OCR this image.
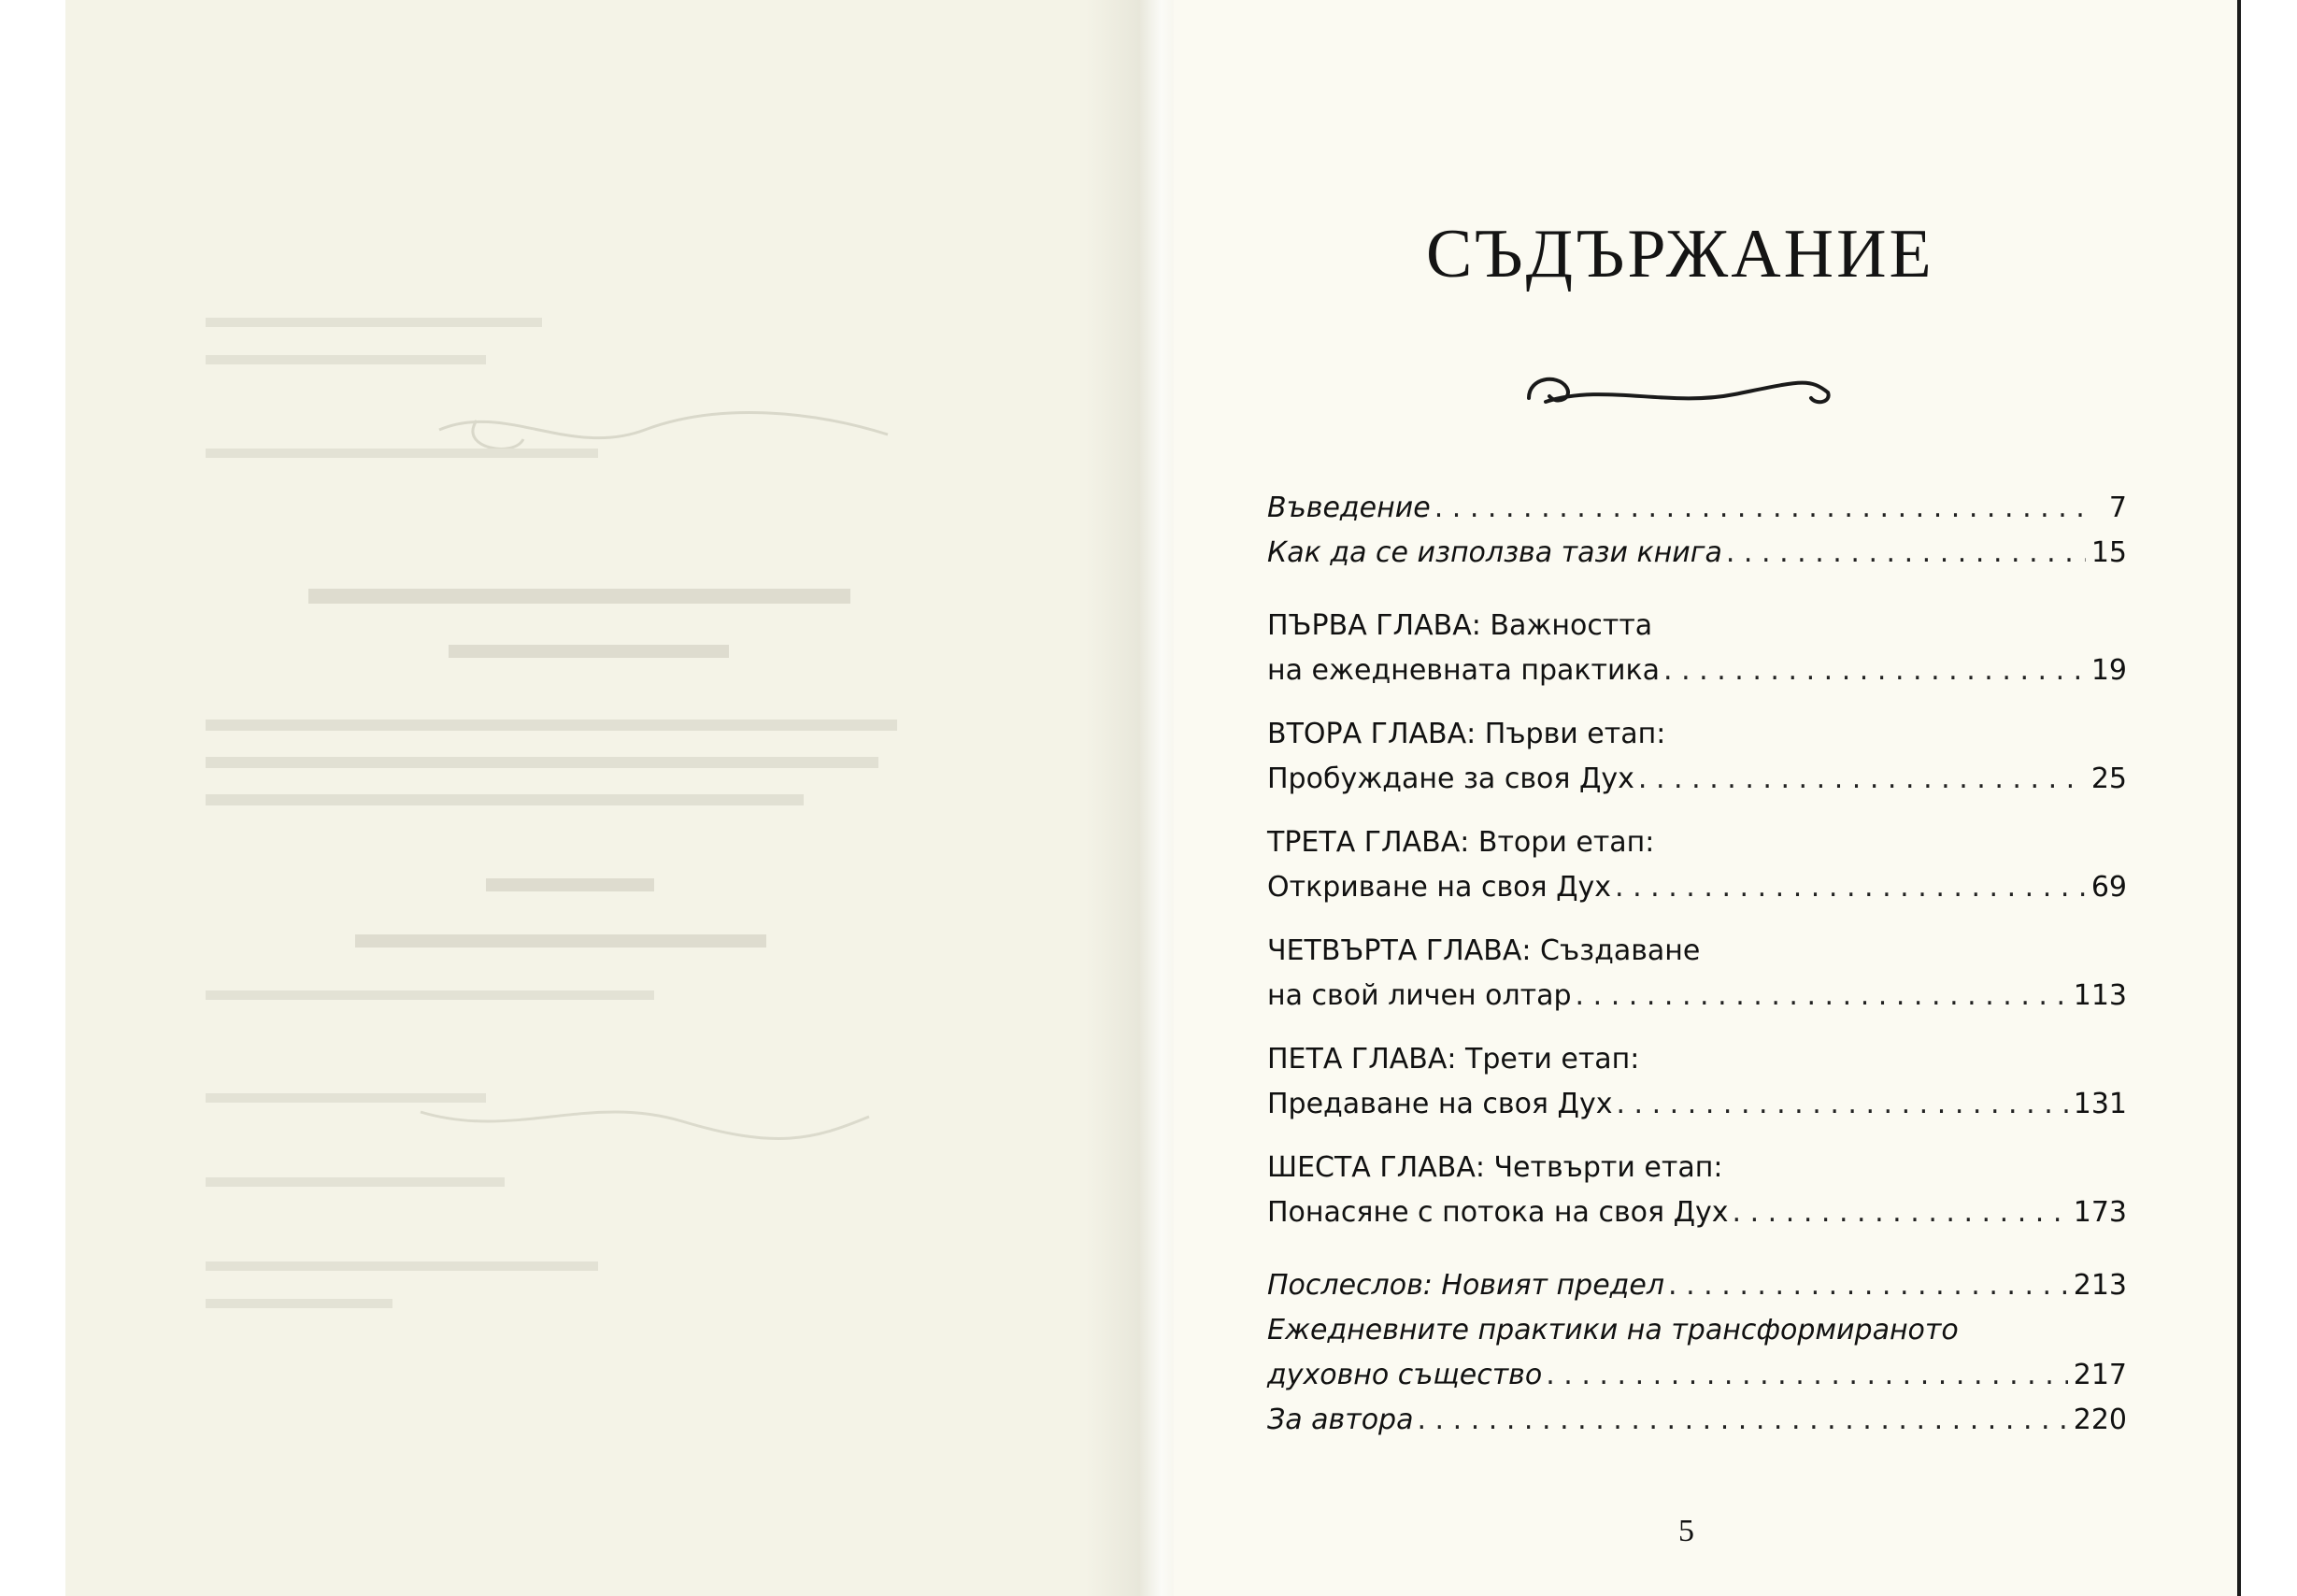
СЪДЪРЖАНИЕ
Въведение . . .	7
Как да се използва тази книга . . .	15
ПЪРВА ГЛАВА: Важността
на ежедневната практика . . .	19
ВТОРА ГЛАВА: Първи етап:
Пробуждане за своя Дух . . .	25
ТРЕТА ГЛАВА: Втори етап:
Откриване на своя Дух . . .	69
ЧЕТВЪРТА ГЛАВА: Създаване
на свой личен олтар . . .	113
ПЕТА ГЛАВА: Трети етап:
Предаване на своя Дух . . .	131
ШЕСТА ГЛАВА: Четвърти етап:
Понасяне с потока на своя Дух . . .	173
Послеслов: Новият предел . . .	213
Ежедневните практики на трансформираното
духовно същество . . .	217
За автора . . .	220
5
